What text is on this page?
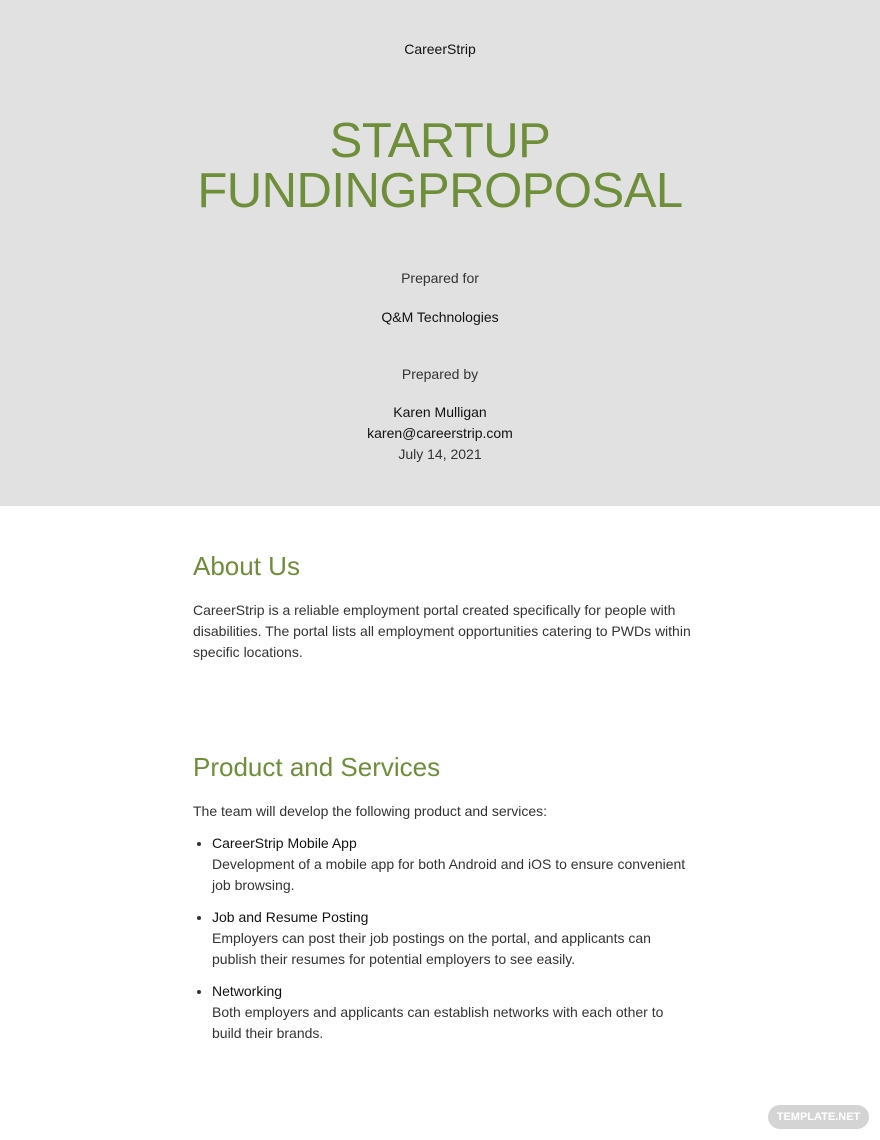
CareerStrip
STARTUP
FUNDINGPROPOSAL
Prepared for
Q&M Technologies
Prepared by
Karen Mulligan
karen@careerstrip.com
July 14, 2021
About Us

CareerStrip is a reliable employment portal created specifically for people with disabilities. The portal lists all employment opportunities catering to PWDs within specific locations.

Product and Services

The team will develop the following product and services:

• CareerStrip Mobile App
Development of a mobile app for both Android and iOS to ensure convenient job browsing.
• Job and Resume Posting
Employers can post their job postings on the portal, and applicants can publish their resumes for potential employers to see easily.
• Networking
Both employers and applicants can establish networks with each other to build their brands.
TEMPLATE.NET
